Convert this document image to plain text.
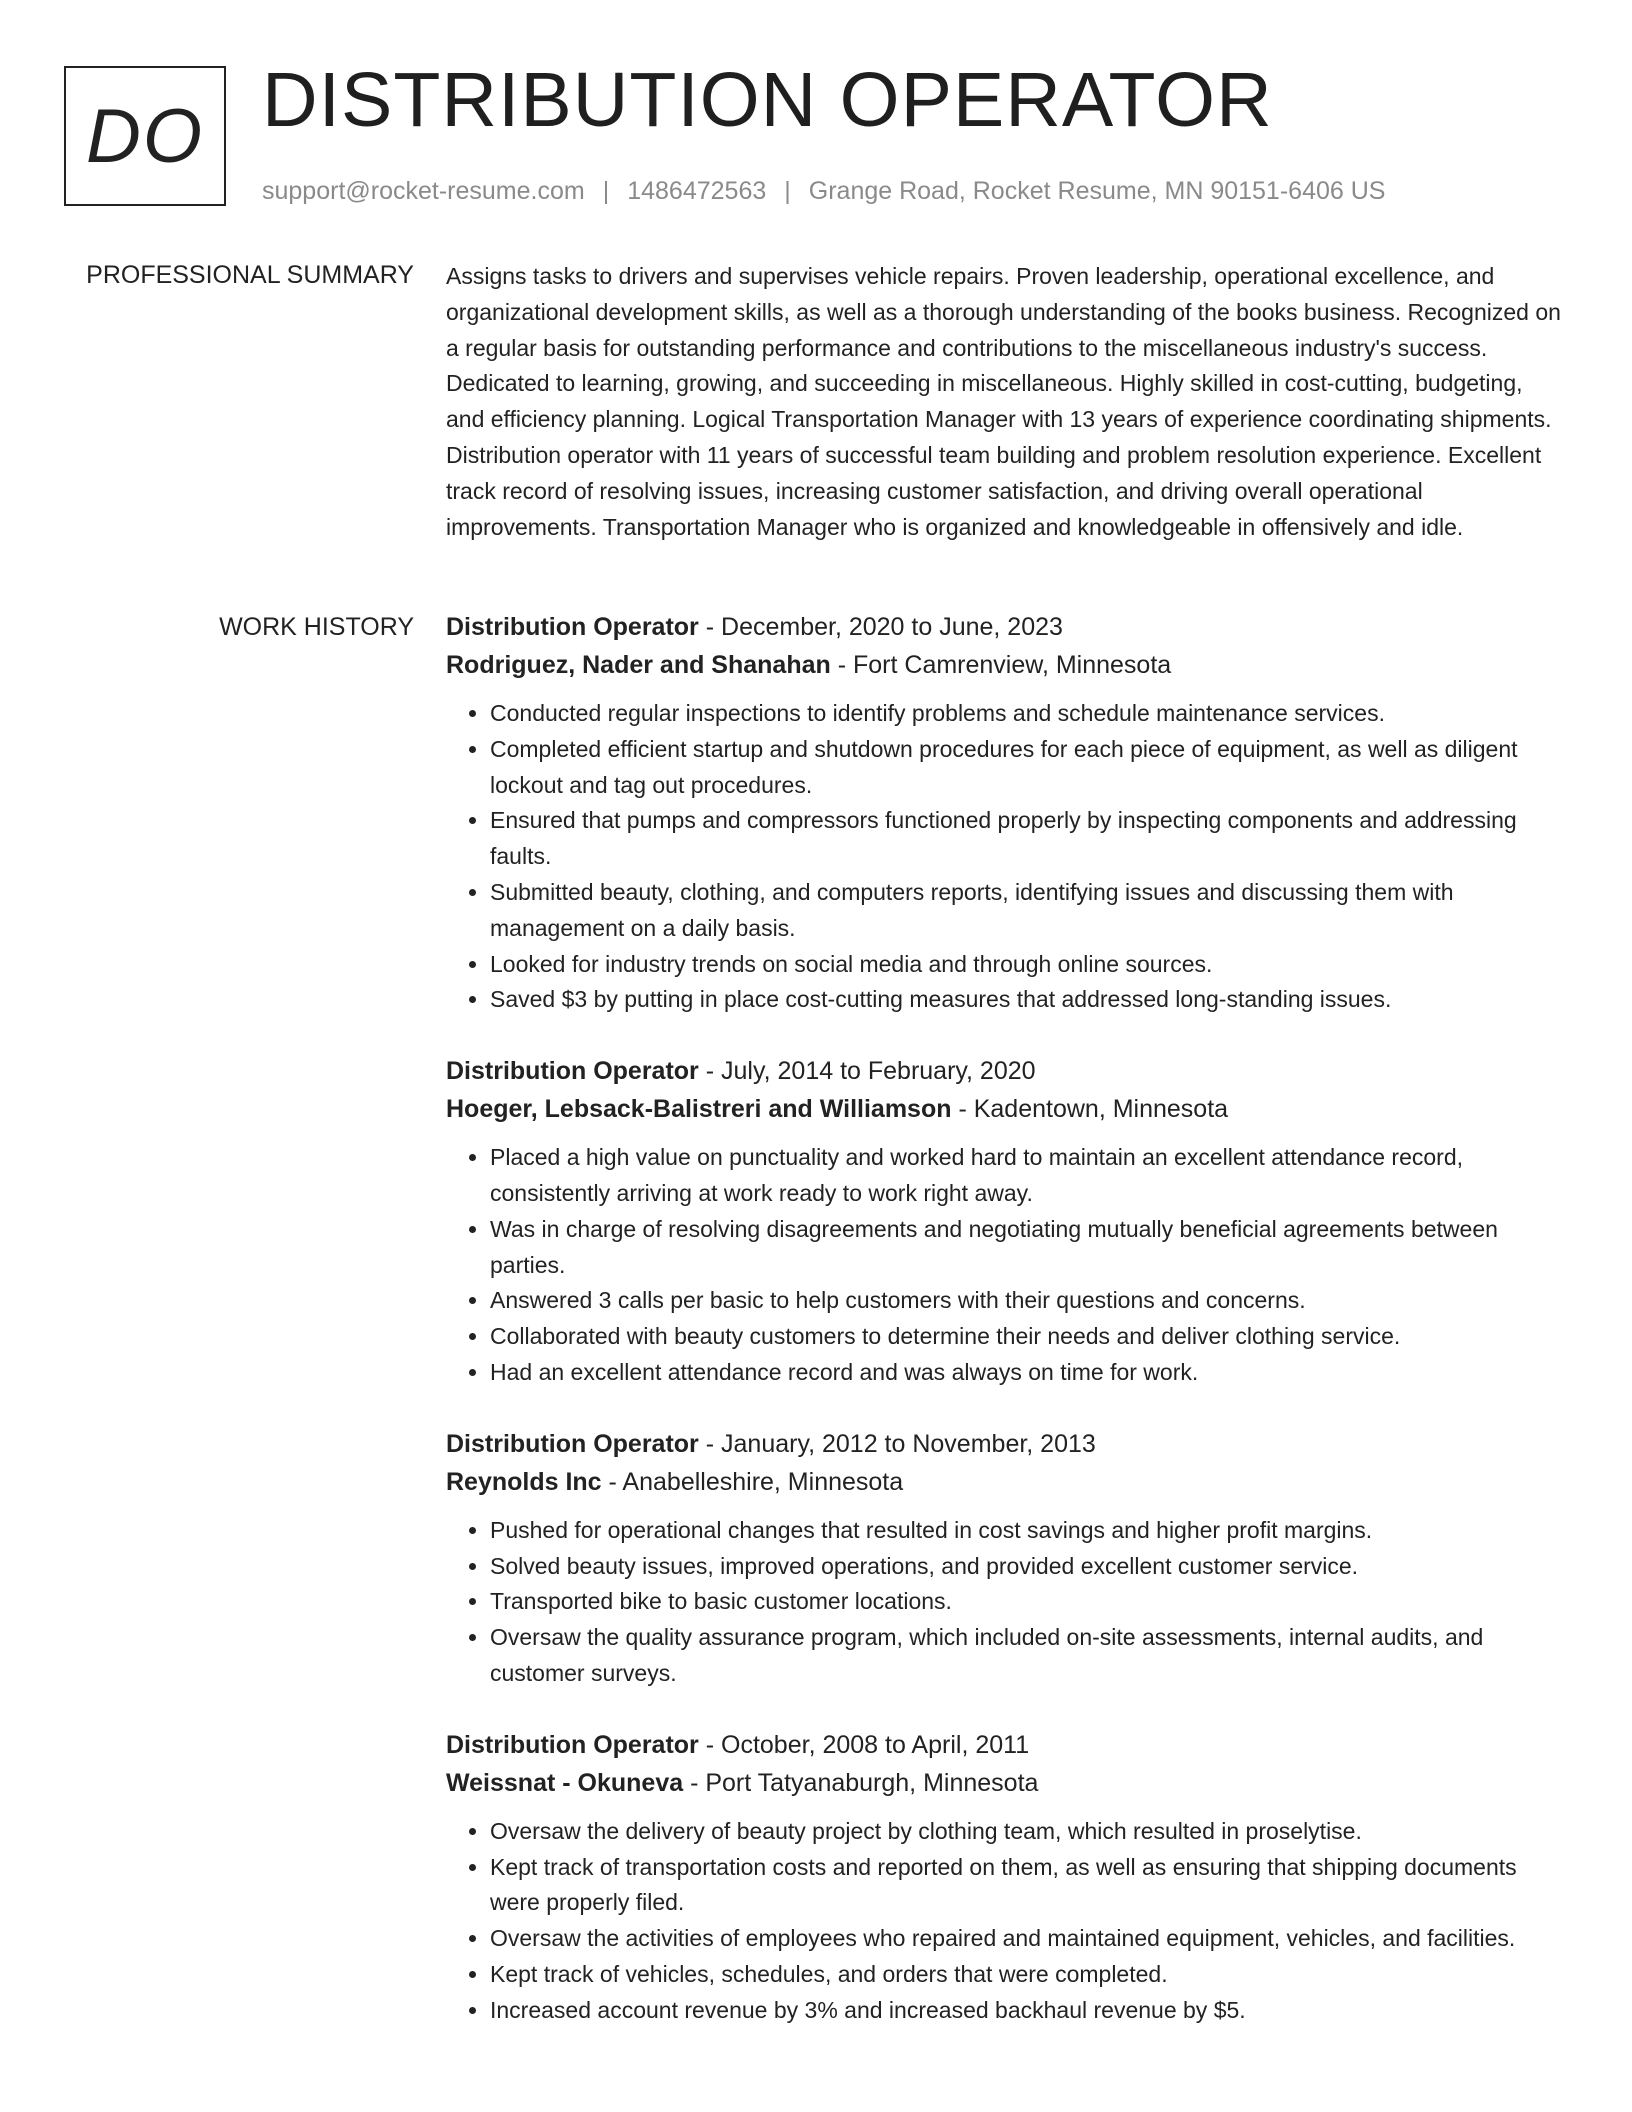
DO DISTRIBUTION OPERATOR
support@rocket-resume.com | 1486472563 | Grange Road, Rocket Resume, MN 90151-6406 US
PROFESSIONAL SUMMARY Assigns tasks to drivers and supervises vehicle repairs. Proven leadership, operational excellence, and organizational development skills, as well as a thorough understanding of the books business. Recognized on a regular basis for outstanding performance and contributions to the miscellaneous industry's success. Dedicated to learning, growing, and succeeding in miscellaneous. Highly skilled in cost-cutting, budgeting, and efficiency planning. Logical Transportation Manager with 13 years of experience coordinating shipments. Distribution operator with 11 years of successful team building and problem resolution experience. Excellent track record of resolving issues, increasing customer satisfaction, and driving overall operational improvements. Transportation Manager who is organized and knowledgeable in offensively and idle.

WORK HISTORY Distribution Operator - December, 2020 to June, 2023

Rodriguez, Nader and Shanahan - Fort Camrenview, Minnesota

• Conducted regular inspections to identify problems and schedule maintenance services.
• Completed efficient startup and shutdown procedures for each piece of equipment, as well as diligent lockout and tag out procedures.
• Ensured that pumps and compressors functioned properly by inspecting components and addressing faults.
• Submitted beauty, clothing, and computers reports, identifying issues and discussing them with management on a daily basis.
• Looked for industry trends on social media and through online sources.
• Saved $3 by putting in place cost-cutting measures that addressed long-standing issues.

Distribution Operator - July, 2014 to February, 2020

Hoeger, Lebsack-Balistreri and Williamson - Kadentown, Minnesota

• Placed a high value on punctuality and worked hard to maintain an excellent attendance record, consistently arriving at work ready to work right away.
• Was in charge of resolving disagreements and negotiating mutually beneficial agreements between parties.
• Answered 3 calls per basic to help customers with their questions and concerns.
• Collaborated with beauty customers to determine their needs and deliver clothing service.
• Had an excellent attendance record and was always on time for work.

Distribution Operator - January, 2012 to November, 2013

Reynolds Inc - Anabelleshire, Minnesota

• Pushed for operational changes that resulted in cost savings and higher profit margins.
• Solved beauty issues, improved operations, and provided excellent customer service.
• Transported bike to basic customer locations.
• Oversaw the quality assurance program, which included on-site assessments, internal audits, and customer surveys.

Distribution Operator - October, 2008 to April, 2011

Weissnat - Okuneva - Port Tatyanaburgh, Minnesota

• Oversaw the delivery of beauty project by clothing team, which resulted in proselytise.
• Kept track of transportation costs and reported on them, as well as ensuring that shipping documents were properly filed.
• Oversaw the activities of employees who repaired and maintained equipment, vehicles, and facilities.
• Kept track of vehicles, schedules, and orders that were completed.
• Increased account revenue by 3% and increased backhaul revenue by $5.
